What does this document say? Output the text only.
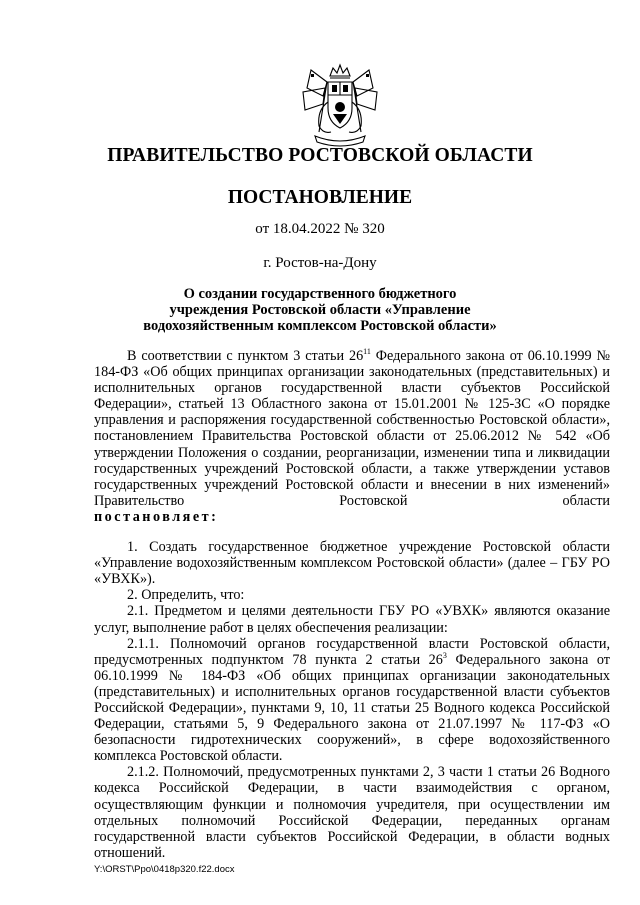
ПРАВИТЕЛЬСТВО РОСТОВСКОЙ ОБЛАСТИ
ПОСТАНОВЛЕНИЕ
от 18.04.2022 № 320
г. Ростов-на-Дону
О создании государственного бюджетного
учреждения Ростовской области «Управление
водохозяйственным комплексом Ростовской области»

В соответствии с пунктом 3 статьи $26^{11}$ Федерального закона от 06.10.1999 № 184-ФЗ «Об общих принципах организации законодательных (представительных) и исполнительных органов государственной власти субъектов Российской Федерации», статьей 13 Областного закона от 15.01.2001 № 125-ЗС «О порядке управления и распоряжения государственной собственностью Ростовской области», постановлением Правительства Ростовской области от 25.06.2012 № 542 «Об утверждении Положения о создании, реорганизации, изменении типа и ликвидации государственных учреждений Ростовской области, а также утверждении уставов государственных учреждений Ростовской области и внесении в них изменений» Правительство Ростовской области

постановляет:

1. Создать государственное бюджетное учреждение Ростовской области «Управление водохозяйственным комплексом Ростовской области» (далее – ГБУ РО «УВХК»).

2. Определить, что:

2.1. Предметом и целями деятельности ГБУ РО «УВХК» являются оказание услуг, выполнение работ в целях обеспечения реализации:

2.1.1. Полномочий органов государственной власти Ростовской области, предусмотренных подпунктом 78 пункта 2 статьи $26^3$ Федерального закона от 06.10.1999 № 184-ФЗ «Об общих принципах организации законодательных (представительных) и исполнительных органов государственной власти субъектов Российской Федерации», пунктами 9, 10, 11 статьи 25 Водного кодекса Российской Федерации, статьями 5, 9 Федерального закона от 21.07.1997 № 117-ФЗ «О безопасности гидротехнических сооружений», в сфере водохозяйственного комплекса Ростовской области.

2.1.2. Полномочий, предусмотренных пунктами 2, 3 части 1 статьи 26 Водного кодекса Российской Федерации, в части взаимодействия с органом, осуществляющим функции и полномочия учредителя, при осуществлении им отдельных полномочий Российской Федерации, переданных органам государственной власти субъектов Российской Федерации, в области водных отношений.

Y:\ORST\Ppo\0418p320.f22.docx
